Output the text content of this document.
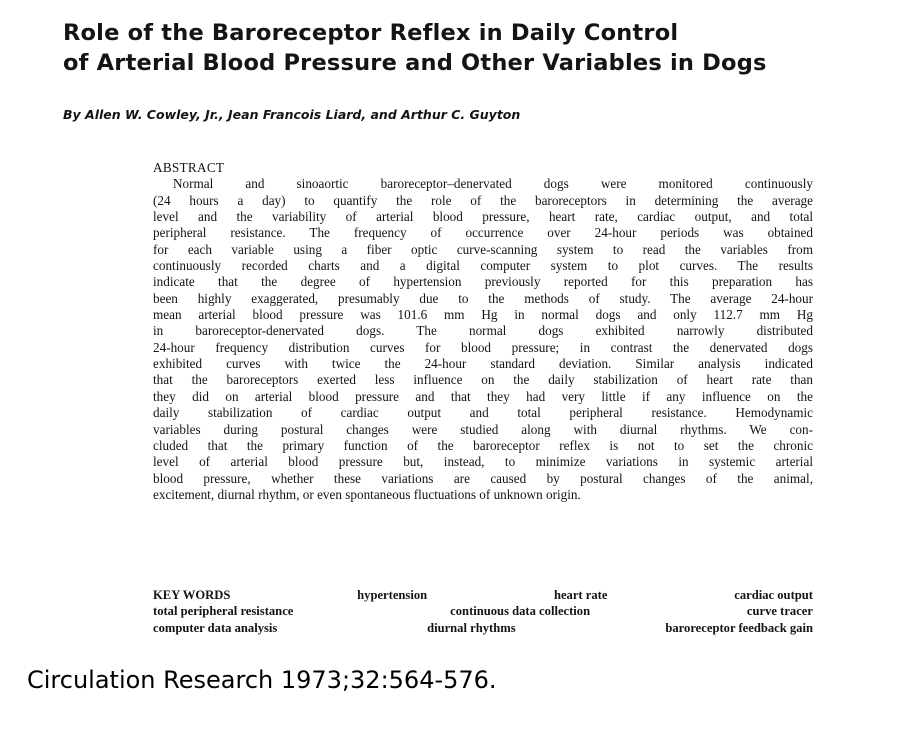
Role of the Baroreceptor Reflex in Daily Control
of Arterial Blood Pressure and Other Variables in Dogs

By Allen W. Cowley, Jr., Jean Francois Liard, and Arthur C. Guyton

ABSTRACT
Normal and sinoaortic baroreceptor–denervated dogs were monitored continuously
(24 hours a day) to quantify the role of the baroreceptors in determining the average
level and the variability of arterial blood pressure, heart rate, cardiac output, and total
peripheral resistance. The frequency of occurrence over 24-hour periods was obtained
for each variable using a fiber optic curve-scanning system to read the variables from
continuously recorded charts and a digital computer system to plot curves. The results
indicate that the degree of hypertension previously reported for this preparation has
been highly exaggerated, presumably due to the methods of study. The average 24-hour
mean arterial blood pressure was 101.6 mm Hg in normal dogs and only 112.7 mm Hg
in baroreceptor-denervated dogs. The normal dogs exhibited narrowly distributed
24-hour frequency distribution curves for blood pressure; in contrast the denervated dogs
exhibited curves with twice the 24-hour standard deviation. Similar analysis indicated
that the baroreceptors exerted less influence on the daily stabilization of heart rate than
they did on arterial blood pressure and that they had very little if any influence on the
daily stabilization of cardiac output and total peripheral resistance. Hemodynamic
variables during postural changes were studied along with diurnal rhythms. We con-
cluded that the primary function of the baroreceptor reflex is not to set the chronic
level of arterial blood pressure but, instead, to minimize variations in systemic arterial
blood pressure, whether these variations are caused by postural changes of the animal,
excitement, diurnal rhythm, or even spontaneous fluctuations of unknown origin.
KEY WORDS	hypertension	heart rate	cardiac output
total peripheral resistance	continuous data collection	curve tracer
computer data analysis	diurnal rhythms	baroreceptor feedback gain

Circulation Research 1973;32:564-576.
